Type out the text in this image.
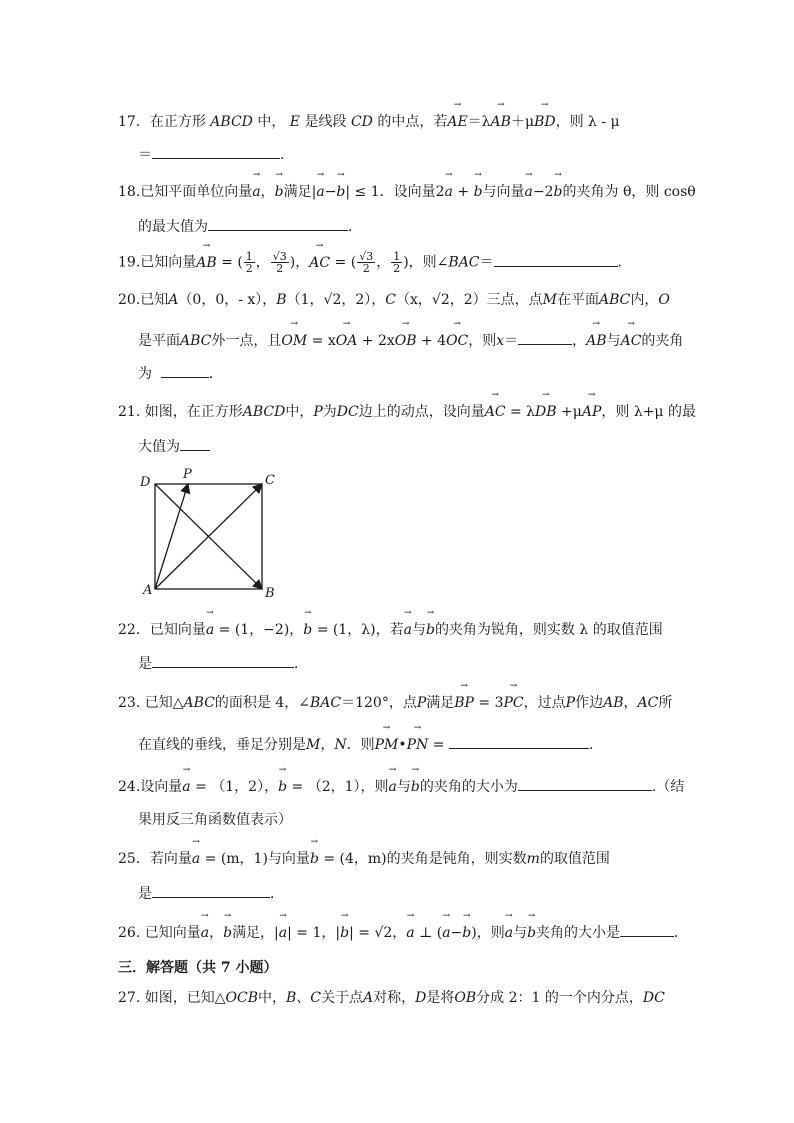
17．在正方形 ABCD 中， E 是线段 CD 的中点，若→ AE＝λ→ AB＋μ→ BD，则 λ - μ
＝	．
18.已知平面单位向量→ a，→ b满足|→ a−→ b| ≤ 1．设向量2→ a + → b与向量→ a−2→ b的夹角为 θ，则 cosθ
的最大值为	．
19.已知向量→ AB = ( $\frac{1}{2}$ ， $\frac{√3}{2}$ )，→ AC = ( $\frac{√3}{2}$ ， $\frac{1}{2}$ )，则∠BAC＝	．
20.已知A（0，0，- x），B（1，√2，2），C（x，√2，2）三点，点M在平面ABC内，O
是平面ABC外一点，且→ OM = x→ OA + 2x→ OB + 4→ OC，则x＝	，→ AB与→ AC的夹角
为	．
21. 如图，在正方形ABCD中，P为DC边上的动点，设向量→ AC = λ→ DB +μ→ AP，则 λ+μ 的最
大值为
D
P	C
A	B
22．已知向量→ a = (1，−2)，→ b = (1，λ)，若→ a与→ b的夹角为锐角，则实数 λ 的取值范围
是	．
23. 已知△ABC的面积是 4，∠BAC＝120°，点P满足→ BP = 3→ PC，过点P作边AB，AC所
在直线的垂线，垂足分别是M，N．则→ PM•→ PN =	．
24.设向量→ a = （1，2），→ b = （2，1），则→ a与→ b的夹角的大小为	.（结
果用反三角函数值表示）
25．若向量→ a = (m，1)与向量→ b = (4，m)的夹角是钝角，则实数m的取值范围
是	．
26. 已知向量→ a，→ b满足，|→ a| = 1，|→ b| = √2，→ a ⊥ (→ a−→ b)，则→ a与→ b夹角的大小是	．
三．解答题（共 7 小题）
27. 如图，已知△OCB中，B、C关于点A对称，D是将OB分成 2：1 的一个内分点，DC
